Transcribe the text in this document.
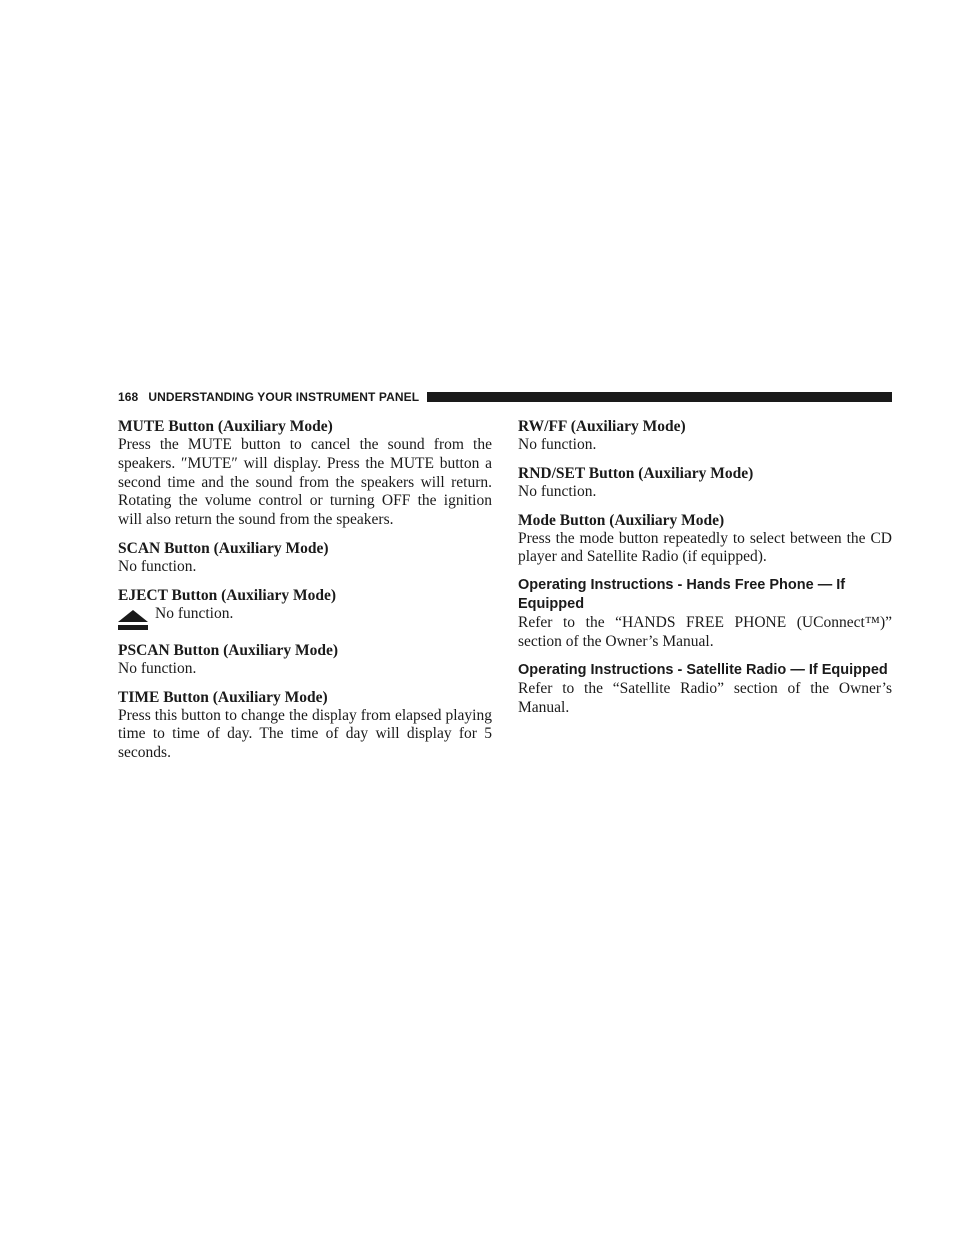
168 UNDERSTANDING YOUR INSTRUMENT PANEL
MUTE Button (Auxiliary Mode)
Press the MUTE button to cancel the sound from the speakers. ″MUTE″ will display. Press the MUTE button a second time and the sound from the speakers will return. Rotating the volume control or turning OFF the ignition will also return the sound from the speakers.
SCAN Button (Auxiliary Mode)
No function.
EJECT Button (Auxiliary Mode)
No function.
PSCAN Button (Auxiliary Mode)
No function.
TIME Button (Auxiliary Mode)
Press this button to change the display from elapsed playing time to time of day. The time of day will display for 5 seconds.
RW/FF (Auxiliary Mode)
No function.
RND/SET Button (Auxiliary Mode)
No function.
Mode Button (Auxiliary Mode)
Press the mode button repeatedly to select between the CD player and Satellite Radio (if equipped).
Operating Instructions - Hands Free Phone — If Equipped
Refer to the “HANDS FREE PHONE (UConnect™)” section of the Owner’s Manual.
Operating Instructions - Satellite Radio — If Equipped
Refer to the “Satellite Radio” section of the Owner’s Manual.
